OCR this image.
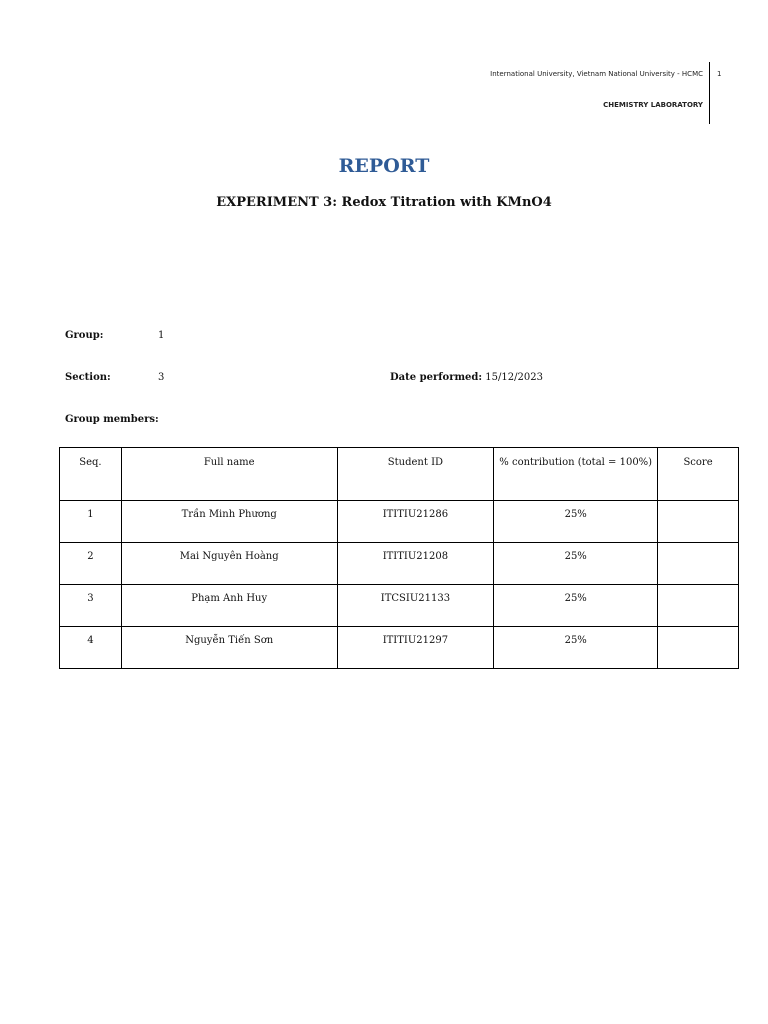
International University, Vietnam National University - HCMC 1
CHEMISTRY LABORATORY
REPORT
EXPERIMENT 3: Redox Titration with KMnO4
Group:	1
Section:	3	Date performed: 15/12/2023
Group members:
Seq.	Full name	Student ID	% contribution (total = 100%)	Score
1	Trần Minh Phương	ITITIU21286	25%	
2	Mai Nguyên Hoàng	ITITIU21208	25%	
3	Phạm Anh Huy	ITCSIU21133	25%	
4	Nguyễn Tiến Sơn	ITITIU21297	25%	
